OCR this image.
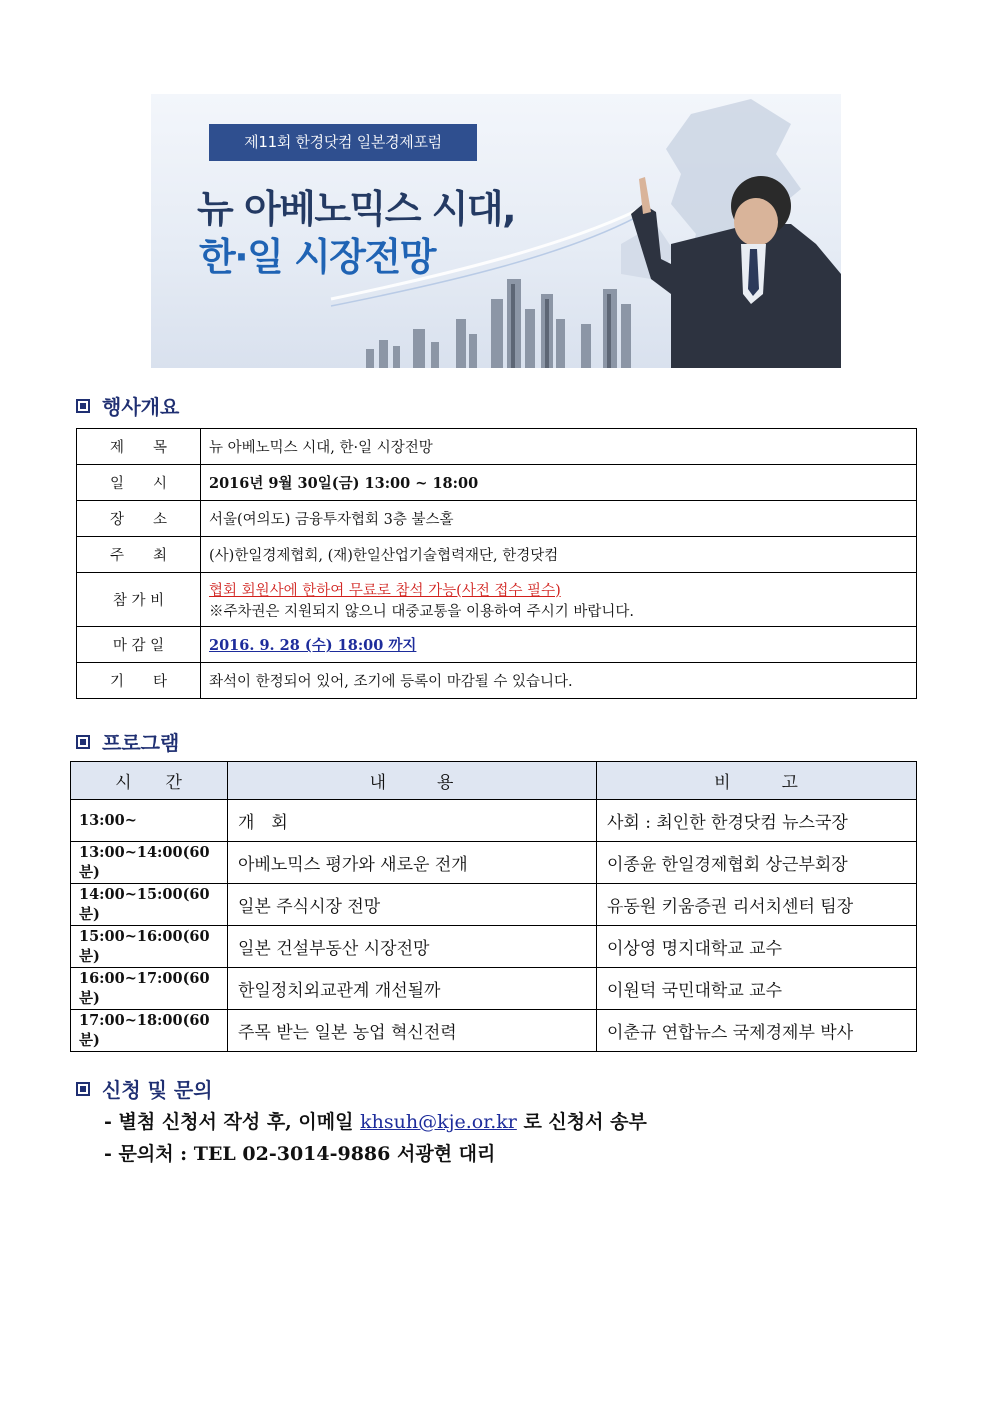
제11회 한경닷컴 일본경제포럼
뉴 아베노믹스 시대,
한·일 시장전망
행사개요
제　　목	뉴 아베노믹스 시대, 한·일 시장전망
일　　시	2016년 9월 30일(금) 13:00 ~ 18:00
장　　소	서울(여의도) 금융투자협회 3층 불스홀
주　　최	(사)한일경제협회, (재)한일산업기술협력재단, 한경닷컴
참 가 비	협회 회원사에 한하여 무료로 참석 가능(사전 접수 필수)
※주차권은 지원되지 않으니 대중교통을 이용하여 주시기 바랍니다.

마 감 일	2016. 9. 28 (수) 18:00 까지
기　　타	좌석이 한정되어 있어, 조기에 등록이 마감될 수 있습니다.
프로그램
시　　간	내　　　용	비　　　고
13:00~	개　회	사회 : 최인한 한경닷컴 뉴스국장
13:00~14:00(60분)	아베노믹스 평가와 새로운 전개	이종윤 한일경제협회 상근부회장
14:00~15:00(60분)	일본 주식시장 전망	유동원 키움증권 리서치센터 팀장
15:00~16:00(60분)	일본 건설부동산 시장전망	이상영 명지대학교 교수
16:00~17:00(60분)	한일정치외교관계 개선될까	이원덕 국민대학교 교수
17:00~18:00(60분)	주목 받는 일본 농업 혁신전력	이춘규 연합뉴스 국제경제부 박사
신청 및 문의
- 별첨 신청서 작성 후, 이메일 khsuh@kje.or.kr 로 신청서 송부
- 문의처 : TEL 02-3014-9886 서광현 대리
